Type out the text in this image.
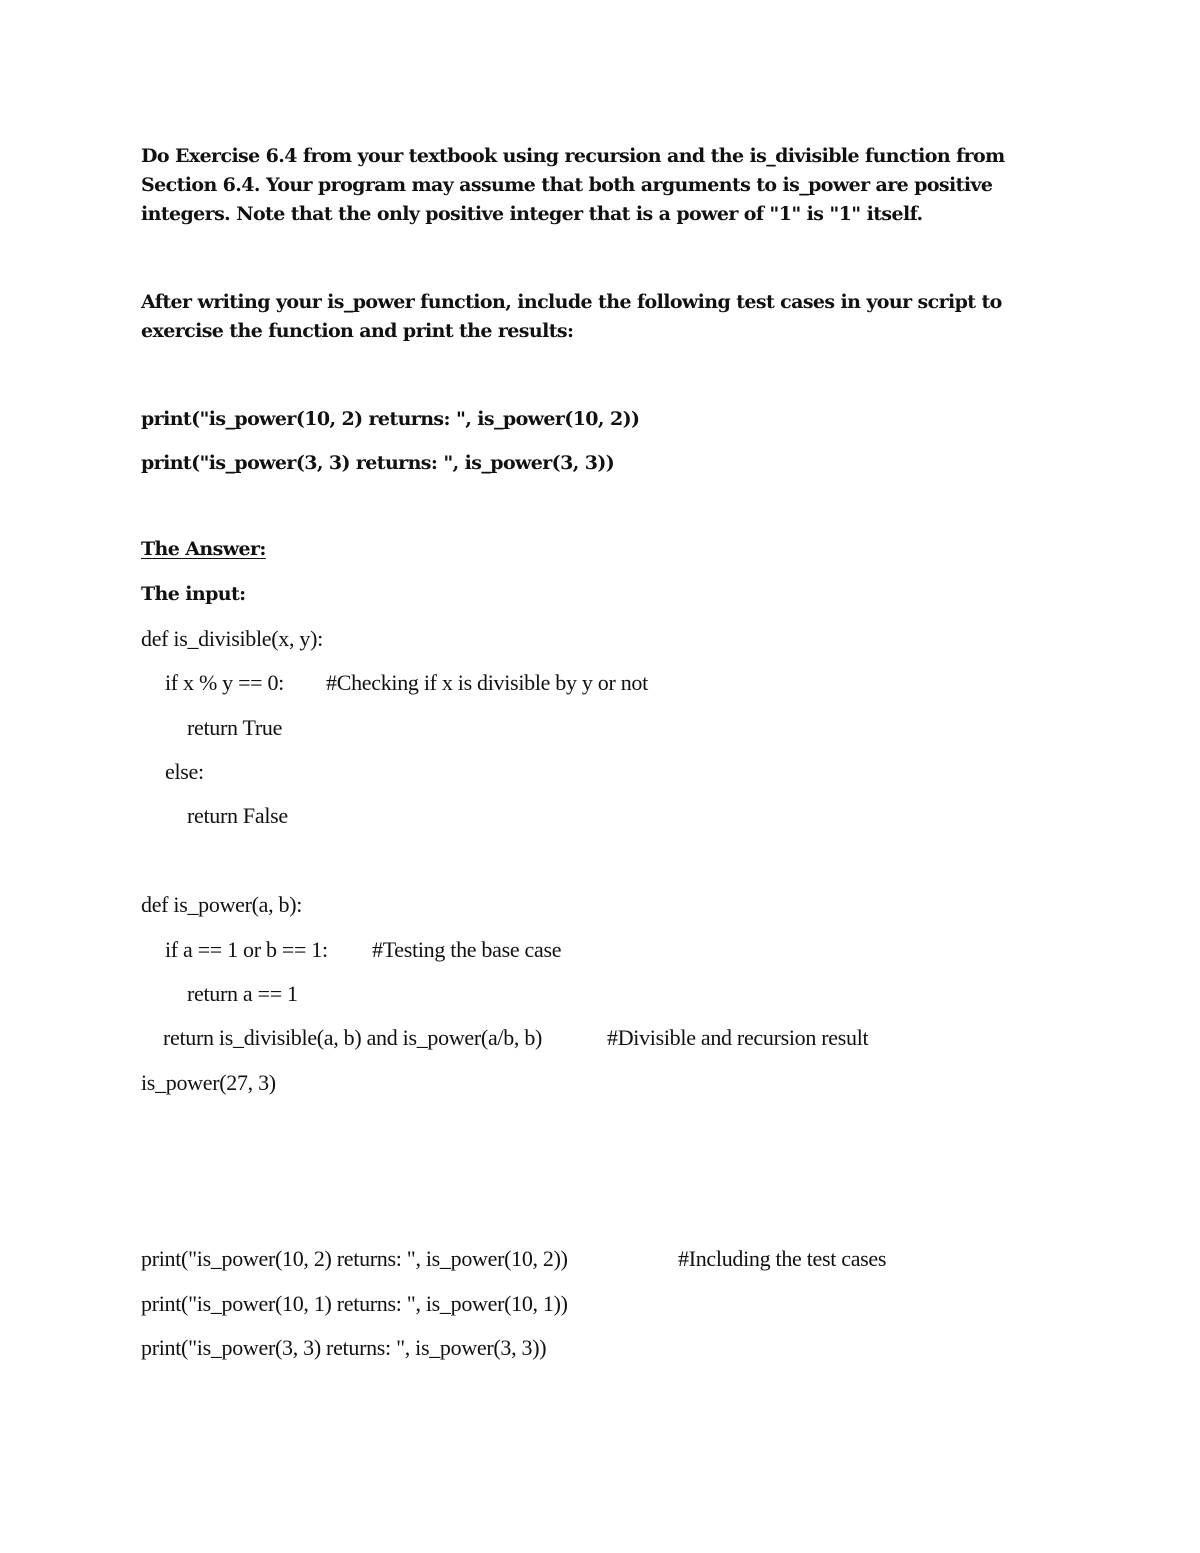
Do Exercise 6.4 from your textbook using recursion and the is_divisible function from
Section 6.4. Your program may assume that both arguments to is_power are positive
integers. Note that the only positive integer that is a power of "1" is "1" itself.
After writing your is_power function, include the following test cases in your script to
exercise the function and print the results:
print("is_power(10, 2) returns: ", is_power(10, 2))
print("is_power(3, 3) returns: ", is_power(3, 3))
The Answer:
The input:
def is_divisible(x, y):
if x % y == 0: #Checking if x is divisible by y or not
return True
else:
return False
def is_power(a, b):
if a == 1 or b == 1: #Testing the base case
return a == 1
return is_divisible(a, b) and is_power(a/b, b)	#Divisible and recursion result
is_power(27, 3)
print("is_power(10, 2) returns: ", is_power(10, 2))	#Including the test cases
print("is_power(10, 1) returns: ", is_power(10, 1))
print("is_power(3, 3) returns: ", is_power(3, 3))
